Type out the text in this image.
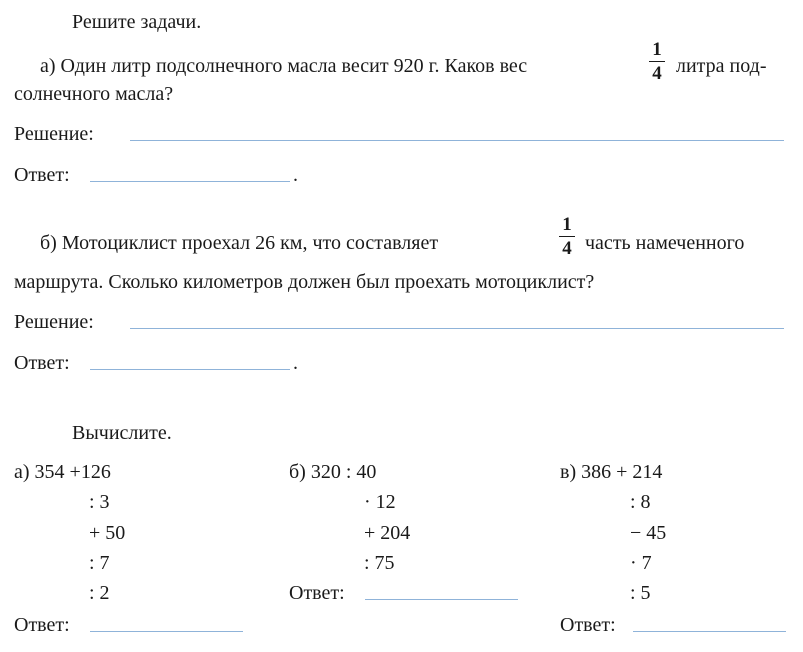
Решите задачи.
а) Один литр подсолнечного масла весит 920 г. Каков вес
1
4 литра под-
солнечного масла?
Решение:
Ответ:	.
б) Мотоциклист проехал 26 км, что составляет
1
4 часть намеченного
маршрута. Сколько километров должен был проехать мотоциклист?
Решение:
Ответ:	.
Вычислите.
а) 354 +126
: 3
+ 50
: 7
: 2
Ответ:
б) 320 : 40
· 12
+ 204
: 75
Ответ:
в) 386 + 214
: 8
− 45
· 7
: 5
Ответ:
